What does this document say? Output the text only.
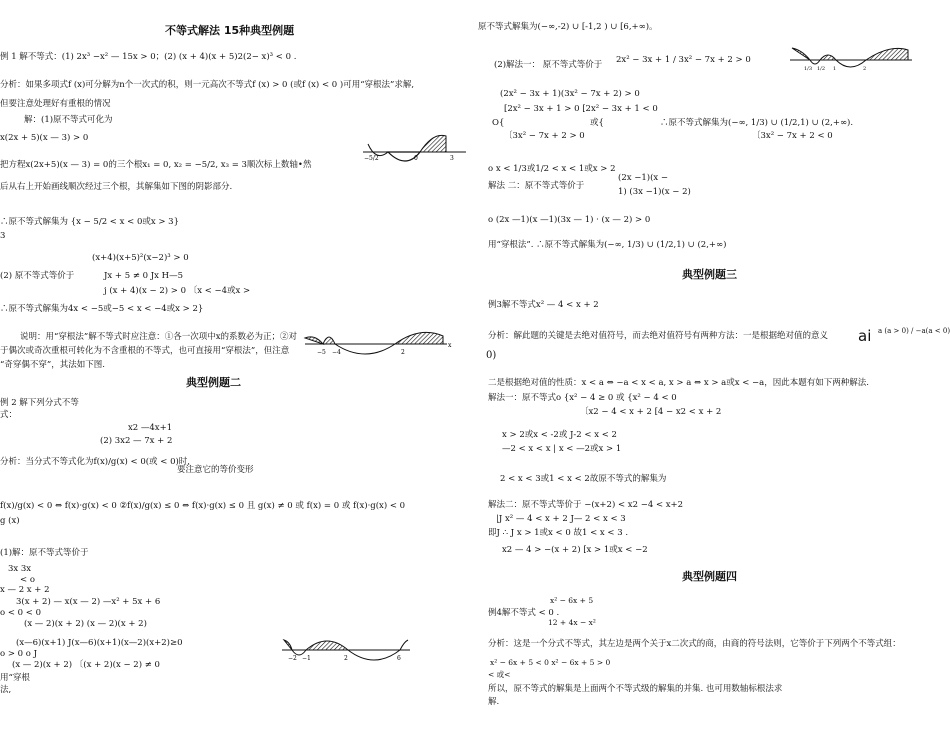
不等式解法 15种典型例题
例 1 解不等式：(1) 2x³ −x² — 15x > 0；(2) (x + 4)(x + 5)2(2− x)³ < 0 .
分析：如果多项式f (x)可分解为n个一次式的积，则一元高次不等式f (x) > 0 (或f (x) < 0 )可用“穿根法”求解,
但要注意处理好有重根的情况
解：(1)原不等式可化为
x(2x + 5)(x — 3) > 0
把方程x(2x+5)(x — 3) = 0的三个根x₁ = 0, x₂ = −5/2, x₃ = 3顺次标上数轴•然
后从右上开始画线顺次经过三个根，其解集如下图的阴影部分.
∴原不等式解集为 {x − 5/2 < x < 0或x > 3}
3
(x+4)(x+5)²(x−2)³ > 0
(2) 原不等式等价于	Jx + 5 ≠ 0 Jx H—5
j (x + 4)(x − 2) > 0 〔x < −4或x >
∴原不等式解集为4x < −5或−5 < x < −4或x > 2}
说明：用“穿根法”解不等式时应注意：①各一次项中x的系数必为正；②对
于偶次或奇次重根可转化为不含重根的不等式，也可直接用“穿根法”，但注意
“奇穿偶不穿”，其法如下图.
−5/2	0	3
−5 −4	2
x
典型例题二
例 2 解下列分式不等
式：
x2 —4x+1
(2) 3x2 — 7x + 2
分析：当分式不等式化为f(x)/g(x) < 0(或 < 0)时,
要注意它的等价变形
f(x)/g(x) < 0 ⇔ f(x)·g(x) < 0 ②f(x)/g(x) ≤ 0 ⇔ f(x)·g(x) ≤ 0 且 g(x) ≠ 0 或 f(x) = 0 或 f(x)·g(x) < 0
g (x)
(1)解：原不等式等价于
3x 3x
< o
x — 2 x + 2
3(x + 2) — x(x — 2) —x² + 5x + 6
o < 0 < 0
(x — 2)(x + 2) (x — 2)(x + 2)
(x—6)(x+1) J(x—6)(x+1)(x—2)(x+2)≥0
o > 0 o J
(x — 2)(x + 2) 〔(x + 2)(x − 2) ≠ 0
用“穿根
法,
−2 −1	2	6
原不等式解集为(−∞,-2) ∪ [-1,2 ) ∪ [6,+∞)。
(2)解法一： 原不等式等价于 2x² − 3x + 1 / 3x² − 7x + 2 > 0
(2x² − 3x + 1)(3x² − 7x + 2) > 0
[2x² − 3x + 1 > 0 [2x² − 3x + 1 < 0
O{	或{	∴原不等式解集为(−∞, 1/3) ∪ (1/2,1) ∪ (2,+∞).
〔3x² − 7x + 2 > 0	〔3x² − 7x + 2 < 0
o x < 1/3或1/2 < x < 1或x > 2
解法 二：原不等式等价于
(2x −1)(x −
1) (3x −1)(x − 2)
o (2x —1)(x —1)(3x — 1) · (x — 2) > 0
用“穿根法”. ∴原不等式解集为(−∞, 1/3) ∪ (1/2,1) ∪ (2,+∞)
1/3 1/2 1	2
典型例题三
例3解不等式x² — 4 < x + 2
分析：解此题的关键是去绝对值符号，而去绝对值符号有两种方法：一是根据绝对值的意义 ai a (a > 0) / −a(a < 0)
0)
二是根据绝对值的性质：x < a ⇔ −a < x < a, x > a ⇔ x > a或x < −a，因此本题有如下两种解法.
解法一：原不等式o {x² − 4 ≥ 0 或 {x² − 4 < 0
〔x2 − 4 < x + 2 [4 − x2 < x + 2
x > 2或x < -2或 J-2 < x < 2
—2 < x < x | x < —2或x > 1
2 < x < 3或1 < x < 2故原不等式的解集为
解法二：原不等式等价于 −(x+2) < x2 −4 < x+2
|J x² — 4 < x + 2 J— 2 < x < 3
即J ∴ J x > 1或x < 0 故1 < x < 3 .
x2 — 4 > −(x + 2) [x > 1或x < −2
典型例题四
x² − 6x + 5
例4解不等式 < 0 .
12 + 4x − x²
分析：这是一个分式不等式，其左边是两个关于x二次式的商，由商的符号法则，它等价于下列两个不等式组：
x² − 6x + 5 < 0 x² − 6x + 5 > 0
< 或<
所以，原不等式的解集是上面两个不等式级的解集的并集. 也可用数轴标根法求
解.
